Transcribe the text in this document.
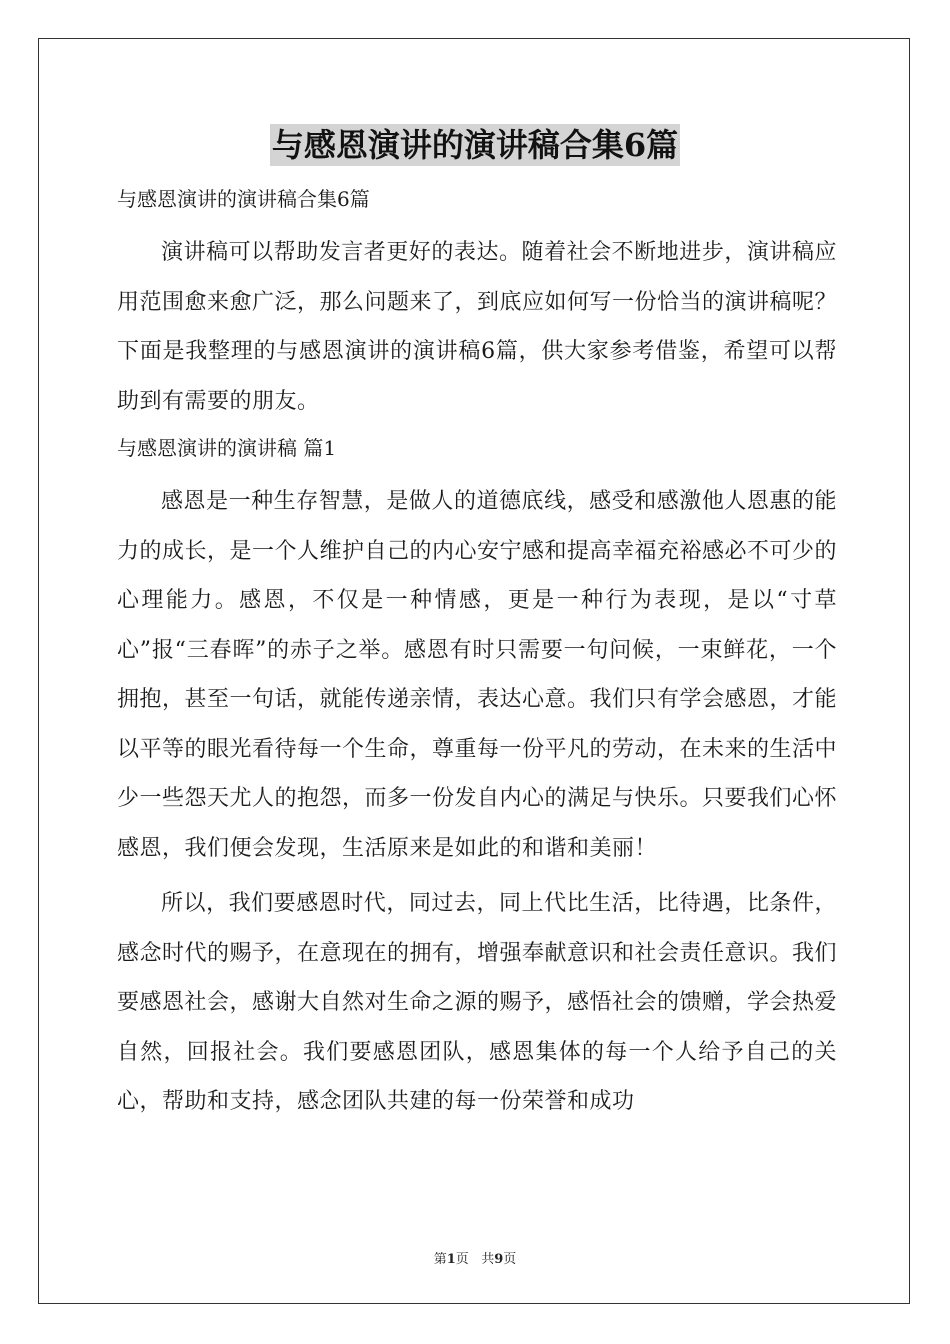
与感恩演讲的演讲稿合集6篇
与感恩演讲的演讲稿合集6篇

演讲稿可以帮助发言者更好的表达。随着社会不断地进步，演讲稿应用范围愈来愈广泛，那么问题来了，到底应如何写一份恰当的演讲稿呢？下面是我整理的与感恩演讲的演讲稿6篇，供大家参考借鉴，希望可以帮助到有需要的朋友。

与感恩演讲的演讲稿 篇1

感恩是一种生存智慧，是做人的道德底线，感受和感激他人恩惠的能力的成长，是一个人维护自己的内心安宁感和提高幸福充裕感必不可少的心理能力。感恩，不仅是一种情感，更是一种行为表现，是以“寸草心”报“三春晖”的赤子之举。感恩有时只需要一句问候，一束鲜花，一个拥抱，甚至一句话，就能传递亲情，表达心意。我们只有学会感恩，才能以平等的眼光看待每一个生命，尊重每一份平凡的劳动，在未来的生活中少一些怨天尤人的抱怨，而多一份发自内心的满足与快乐。只要我们心怀感恩，我们便会发现，生活原来是如此的和谐和美丽！

所以，我们要感恩时代，同过去，同上代比生活，比待遇，比条件，感念时代的赐予，在意现在的拥有，增强奉献意识和社会责任意识。我们要感恩社会，感谢大自然对生命之源的赐予，感悟社会的馈赠，学会热爱自然，回报社会。我们要感恩团队，感恩集体的每一个人给予自己的关心，帮助和支持，感念团队共建的每一份荣誉和成功

第1页   共9页
